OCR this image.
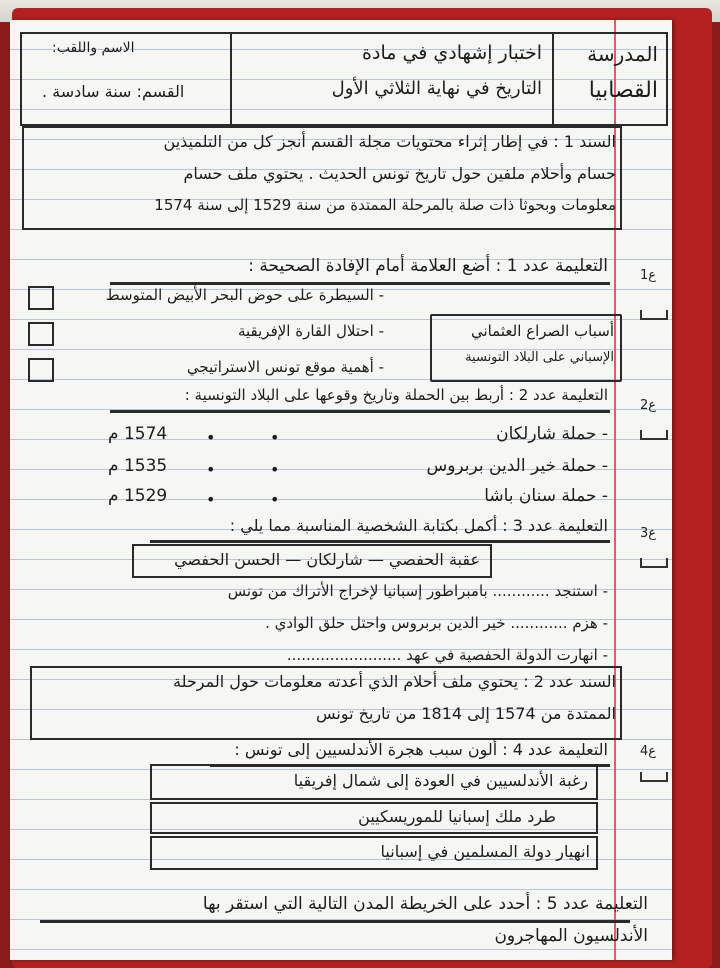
المدرسة
القصابيا
اختبار إشهادي في مادة
التاريخ في نهاية الثلاثي الأول
الاسم واللقب:
القسم: سنة سادسة .
السند 1 : في إطار إثراء محتويات مجلة القسم أنجز كل من التلميذين
حسام وأحلام ملفين حول تاريخ تونس الحديث . يحتوي ملف حسام
معلومات وبحوثا ذات صلة بالمرحلة الممتدة من سنة 1529 إلى سنة 1574
التعليمة عدد 1 : أضع العلامة أمام الإفادة الصحيحة : 1ع
أسباب الصراع العثماني
الإسباني على البلاد التونسية
- السيطرة على حوض البحر الأبيض المتوسط
- احتلال القارة الإفريقية
- أهمية موقع تونس الاستراتيجي
التعليمة عدد 2 : أربط بين الحملة وتاريخ وقوعها على البلاد التونسية :
2ع
- حملة شارلكان
- حملة خير الدين بربروس
- حملة سنان باشا
•
•
•
1574 م
1535 م
1529 م
•
•
•
التعليمة عدد 3 : أكمل بكتابة الشخصية المناسبة مما يلي : 3ع
عقبة الحفصي — شارلكان — الحسن الحفصي
- استنجد ............ بامبراطور إسبانيا لإخراج الأتراك من تونس
- هزم ............ خير الدين بربروس واحتل حلق الوادي .
- انهارت الدولة الحفصية في عهد ........................
السند عدد 2 : يحتوي ملف أحلام الذي أعدته معلومات حول المرحلة
الممتدة من 1574 إلى 1814 من تاريخ تونس
التعليمة عدد 4 : ألون سبب هجرة الأندلسيين إلى تونس : 4ع
رغبة الأندلسيين في العودة إلى شمال إفريقيا
طرد ملك إسبانيا للموريسكيين
انهيار دولة المسلمين في إسبانيا
التعليمة عدد 5 : أحدد على الخريطة المدن التالية التي استقر بها
الأندلسيون المهاجرون
